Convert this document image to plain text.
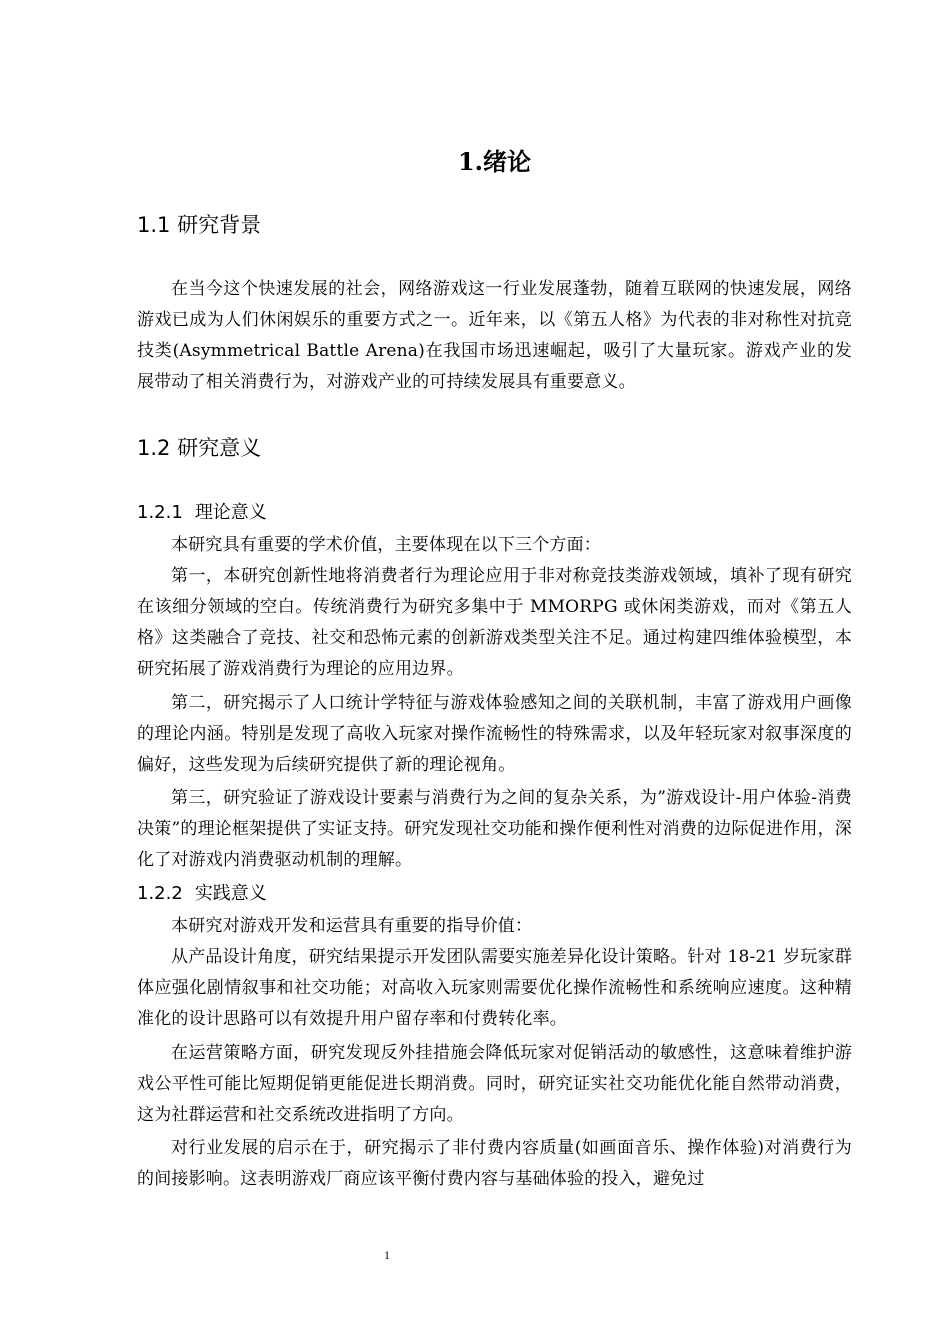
1.绪论
1.1 研究背景

在当今这个快速发展的社会，网络游戏这一行业发展蓬勃，随着互联网的快速发展，网络游戏已成为人们休闲娱乐的重要方式之一。近年来，以《第五人格》为代表的非对称性对抗竞技类(Asymmetrical Battle Arena)在我国市场迅速崛起，吸引了大量玩家。游戏产业的发展带动了相关消费行为，对游戏产业的可持续发展具有重要意义。

1.2 研究意义
1.2.1 理论意义

本研究具有重要的学术价值，主要体现在以下三个方面：

第一，本研究创新性地将消费者行为理论应用于非对称竞技类游戏领域，填补了现有研究在该细分领域的空白。传统消费行为研究多集中于 MMORPG 或休闲类游戏，而对《第五人格》这类融合了竞技、社交和恐怖元素的创新游戏类型关注不足。通过构建四维体验模型，本研究拓展了游戏消费行为理论的应用边界。

第二，研究揭示了人口统计学特征与游戏体验感知之间的关联机制，丰富了游戏用户画像的理论内涵。特别是发现了高收入玩家对操作流畅性的特殊需求，以及年轻玩家对叙事深度的偏好，这些发现为后续研究提供了新的理论视角。

第三，研究验证了游戏设计要素与消费行为之间的复杂关系，为”游戏设计-用户体验-消费决策”的理论框架提供了实证支持。研究发现社交功能和操作便利性对消费的边际促进作用，深化了对游戏内消费驱动机制的理解。

1.2.2 实践意义

本研究对游戏开发和运营具有重要的指导价值：

从产品设计角度，研究结果提示开发团队需要实施差异化设计策略。针对 18-21 岁玩家群体应强化剧情叙事和社交功能；对高收入玩家则需要优化操作流畅性和系统响应速度。这种精准化的设计思路可以有效提升用户留存率和付费转化率。

在运营策略方面，研究发现反外挂措施会降低玩家对促销活动的敏感性，这意味着维护游戏公平性可能比短期促销更能促进长期消费。同时，研究证实社交功能优化能自然带动消费，这为社群运营和社交系统改进指明了方向。

对行业发展的启示在于，研究揭示了非付费内容质量(如画面音乐、操作体验)对消费行为的间接影响。这表明游戏厂商应该平衡付费内容与基础体验的投入，避免过

1
